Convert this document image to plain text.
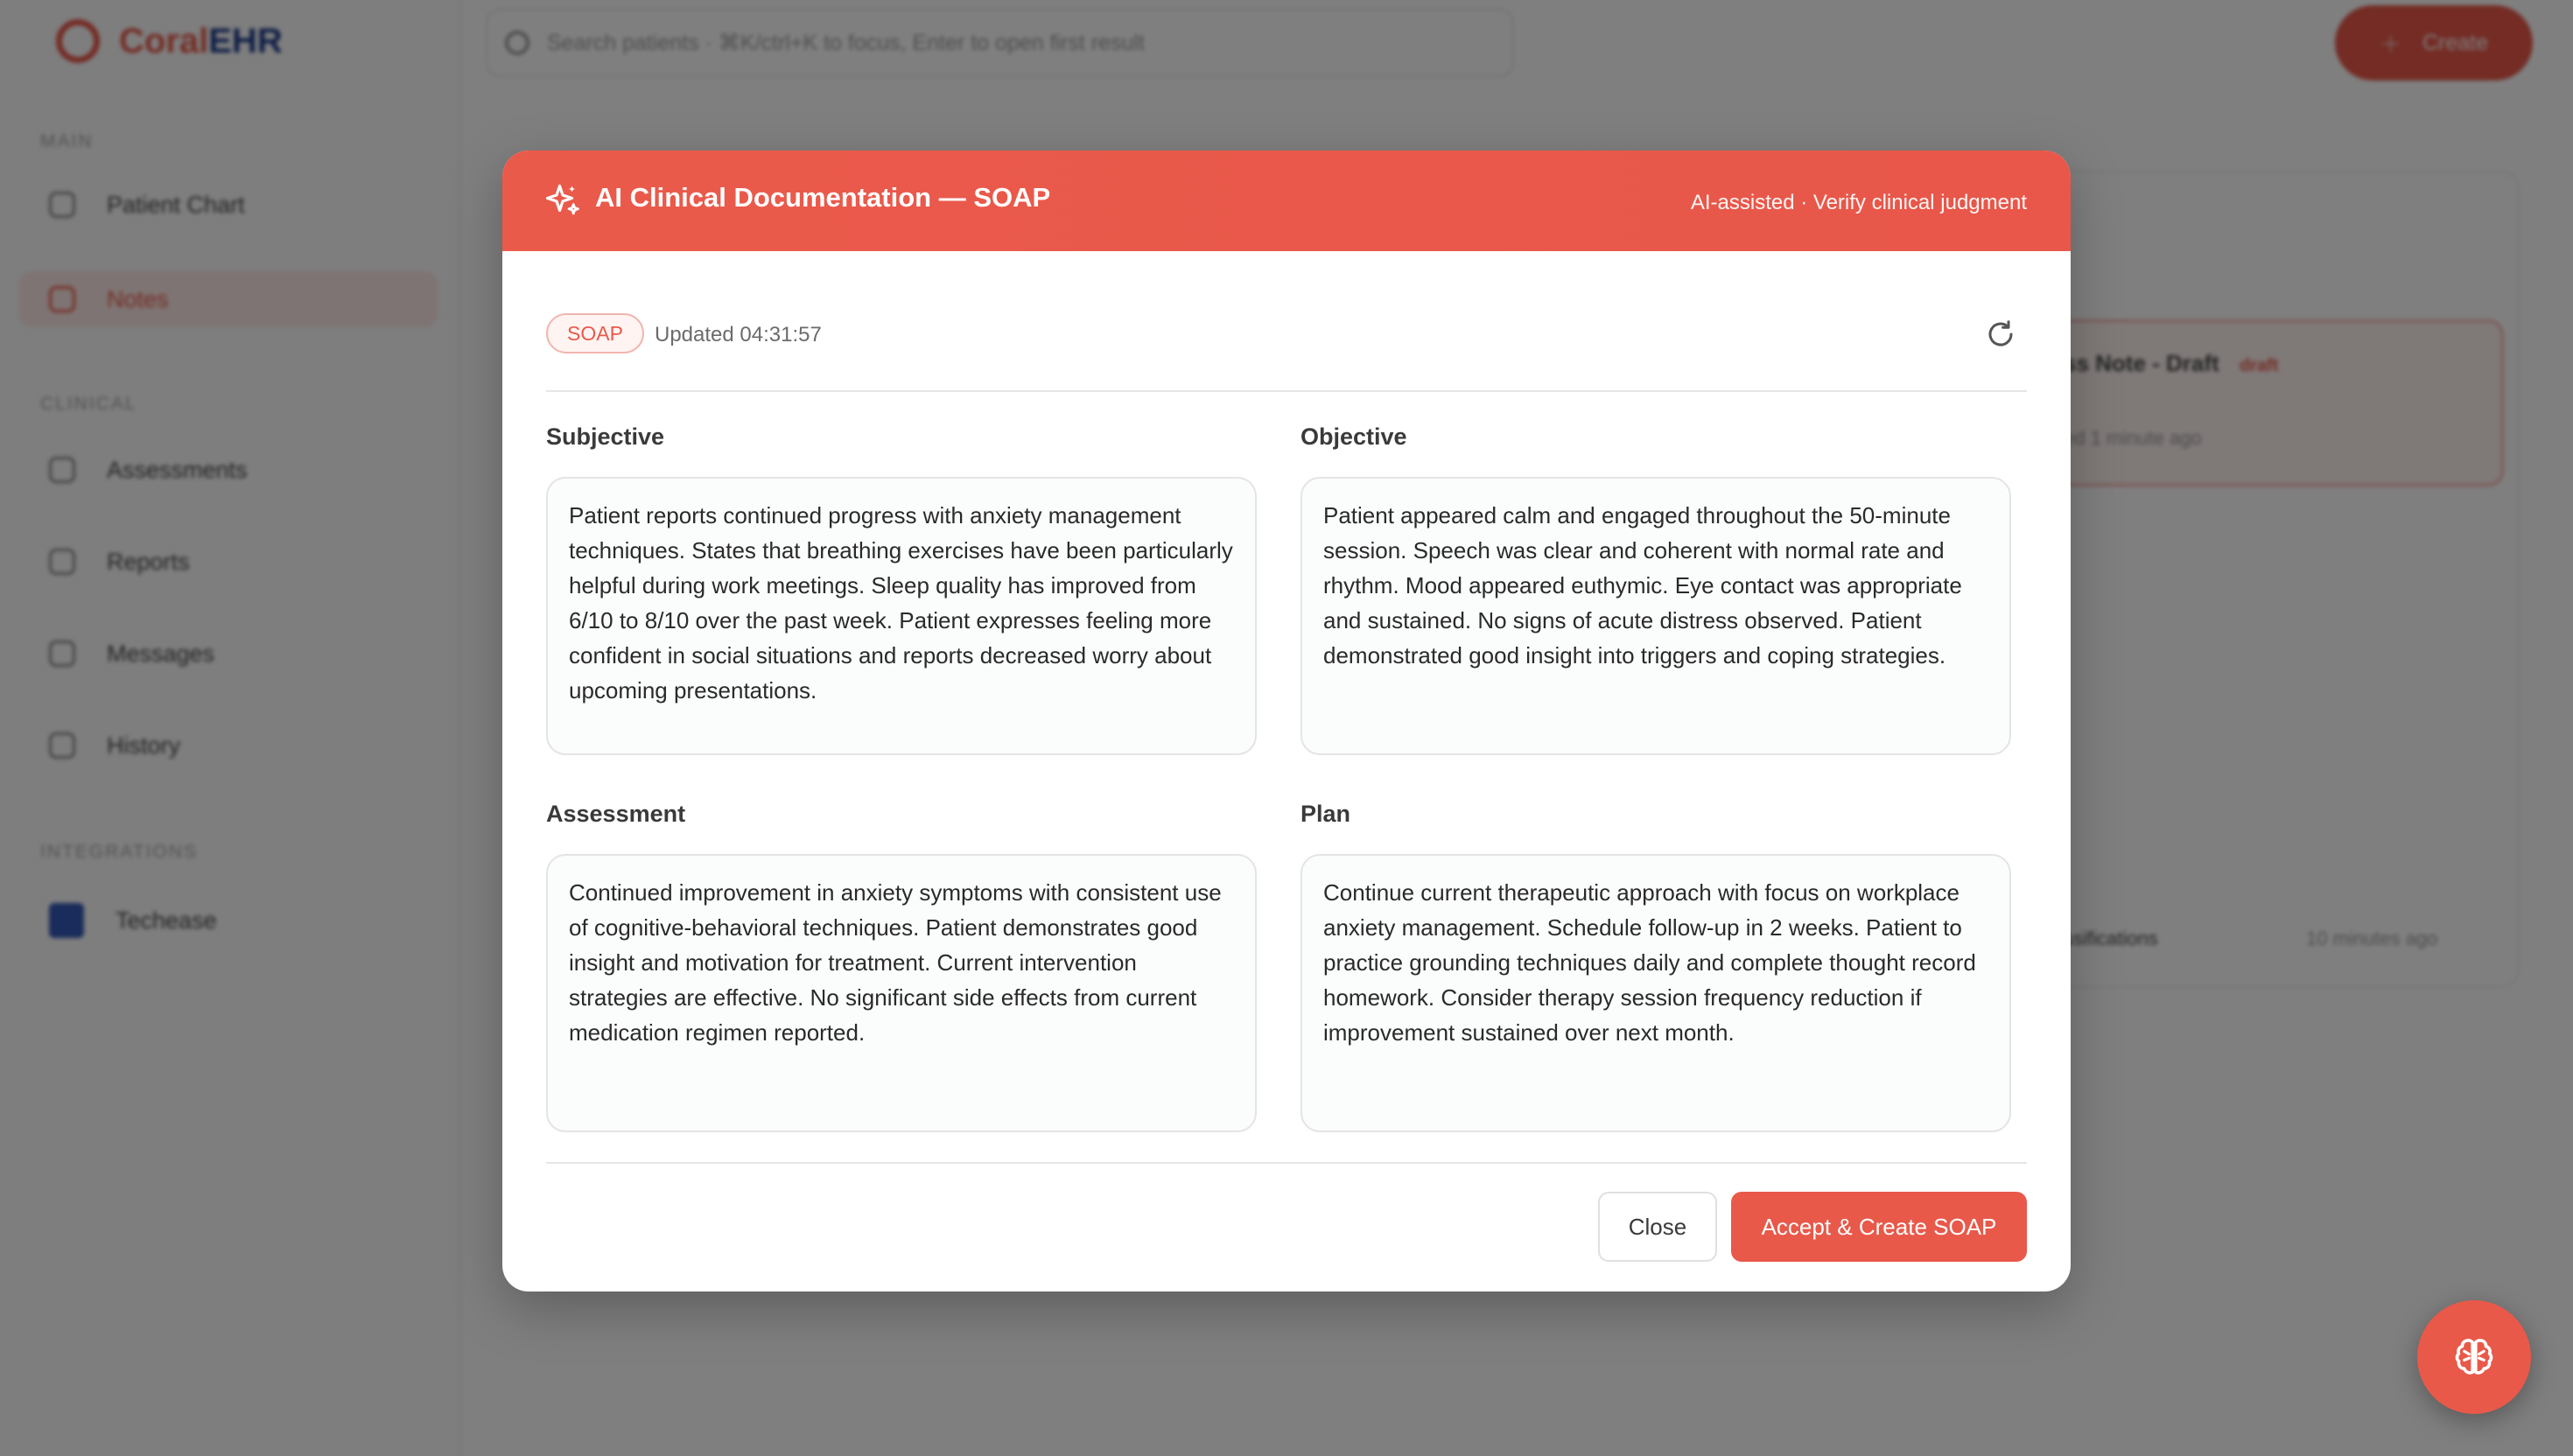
AI Clinical Documentation — SOAP	AI-assisted · Verify clinical judgment
SOAP	Updated 04:31:57
Subjective
Patient reports continued progress with anxiety management techniques. States that breathing exercises have been particularly helpful during work meetings. Sleep quality has improved from 6/10 to 8/10 over the past week. Patient expresses feeling more confident in social situations and reports decreased worry about upcoming presentations.
Objective
Patient appeared calm and engaged throughout the 50-minute session. Speech was clear and coherent with normal rate and rhythm. Mood appeared euthymic. Eye contact was appropriate and sustained. No signs of acute distress observed. Patient demonstrated good insight into triggers and coping strategies.
Assessment
Continued improvement in anxiety symptoms with consistent use of cognitive-behavioral techniques. Patient demonstrates good insight and motivation for treatment. Current intervention strategies are effective. No significant side effects from current medication regimen reported.
Plan
Continue current therapeutic approach with focus on workplace anxiety management. Schedule follow-up in 2 weeks. Patient to practice grounding techniques daily and complete thought record homework. Consider therapy session frequency reduction if improvement sustained over next month.
Close	Accept & Create SOAP
